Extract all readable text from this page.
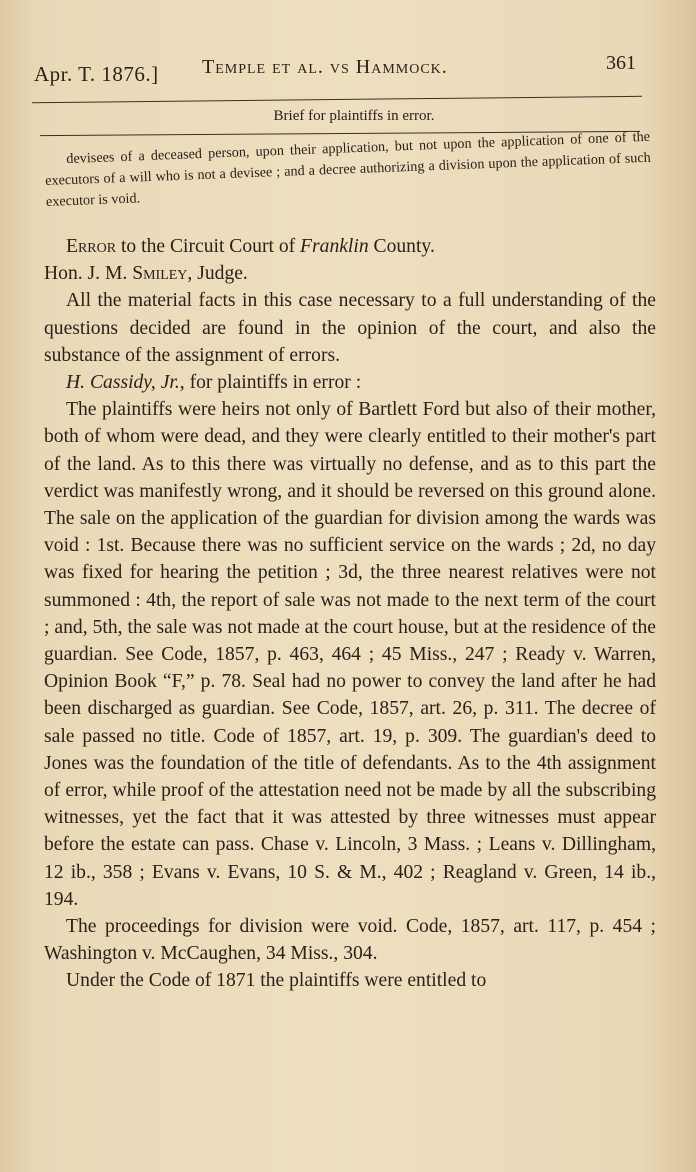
Apr. T. 1876.] Temple et al. vs Hammock.	361
Brief for plaintiffs in error.

devisees of a deceased person, upon their application, but not upon the application of one of the executors of a will who is not a devisee ; and a decree authorizing a division upon the application of such executor is void.

Error to the Circuit Court of Franklin County.

Hon. J. M. Smiley, Judge.

All the material facts in this case necessary to a full understanding of the questions decided are found in the opinion of the court, and also the substance of the assignment of errors.

H. Cassidy, Jr., for plaintiffs in error :

The plaintiffs were heirs not only of Bartlett Ford but also of their mother, both of whom were dead, and they were clearly entitled to their mother's part of the land. As to this there was virtually no defense, and as to this part the verdict was manifestly wrong, and it should be reversed on this ground alone. The sale on the application of the guardian for division among the wards was void : 1st. Because there was no sufficient service on the wards ; 2d, no day was fixed for hearing the petition ; 3d, the three nearest relatives were not summoned : 4th, the report of sale was not made to the next term of the court ; and, 5th, the sale was not made at the court house, but at the residence of the guardian. See Code, 1857, p. 463, 464 ; 45 Miss., 247 ; Ready v. Warren, Opinion Book “F,” p. 78. Seal had no power to convey the land after he had been discharged as guardian. See Code, 1857, art. 26, p. 311. The decree of sale passed no title. Code of 1857, art. 19, p. 309. The guardian's deed to Jones was the foundation of the title of defendants. As to the 4th assignment of error, while proof of the attestation need not be made by all the subscribing witnesses, yet the fact that it was attested by three witnesses must appear before the estate can pass. Chase v. Lincoln, 3 Mass. ; Leans v. Dillingham, 12 ib., 358 ; Evans v. Evans, 10 S. & M., 402 ; Reagland v. Green, 14 ib., 194.

The proceedings for division were void. Code, 1857, art. 117, p. 454 ; Washington v. McCaughen, 34 Miss., 304.

Under the Code of 1871 the plaintiffs were entitled to
